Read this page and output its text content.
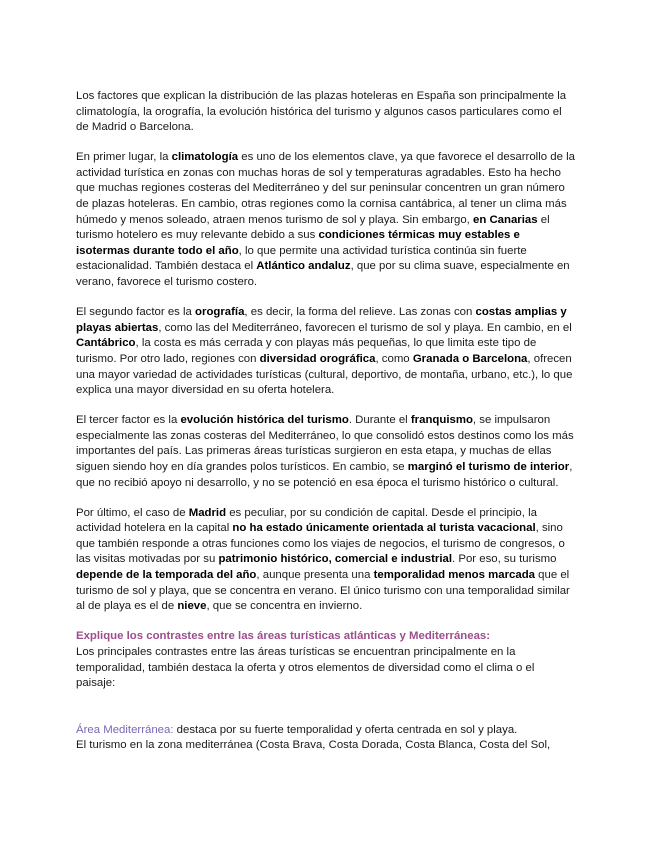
Los factores que explican la distribución de las plazas hoteleras en España son principalmente la climatología, la orografía, la evolución histórica del turismo y algunos casos particulares como el de Madrid o Barcelona.

En primer lugar, la climatología es uno de los elementos clave, ya que favorece el desarrollo de la actividad turística en zonas con muchas horas de sol y temperaturas agradables. Esto ha hecho que muchas regiones costeras del Mediterráneo y del sur peninsular concentren un gran número de plazas hoteleras. En cambio, otras regiones como la cornisa cantábrica, al tener un clima más húmedo y menos soleado, atraen menos turismo de sol y playa. Sin embargo, en Canarias el turismo hotelero es muy relevante debido a sus condiciones térmicas muy estables e isotermas durante todo el año, lo que permite una actividad turística continúa sin fuerte estacionalidad. También destaca el Atlántico andaluz, que por su clima suave, especialmente en verano, favorece el turismo costero.

El segundo factor es la orografía, es decir, la forma del relieve. Las zonas con costas amplias y playas abiertas, como las del Mediterráneo, favorecen el turismo de sol y playa. En cambio, en el Cantábrico, la costa es más cerrada y con playas más pequeñas, lo que limita este tipo de turismo. Por otro lado, regiones con diversidad orográfica, como Granada o Barcelona, ofrecen una mayor variedad de actividades turísticas (cultural, deportivo, de montaña, urbano, etc.), lo que explica una mayor diversidad en su oferta hotelera.

El tercer factor es la evolución histórica del turismo. Durante el franquismo, se impulsaron especialmente las zonas costeras del Mediterráneo, lo que consolidó estos destinos como los más importantes del país. Las primeras áreas turísticas surgieron en esta etapa, y muchas de ellas siguen siendo hoy en día grandes polos turísticos. En cambio, se marginó el turismo de interior, que no recibió apoyo ni desarrollo, y no se potenció en esa época el turismo histórico o cultural.

Por último, el caso de Madrid es peculiar, por su condición de capital. Desde el principio, la actividad hotelera en la capital no ha estado únicamente orientada al turista vacacional, sino que también responde a otras funciones como los viajes de negocios, el turismo de congresos, o las visitas motivadas por su patrimonio histórico, comercial e industrial. Por eso, su turismo depende de la temporada del año, aunque presenta una temporalidad menos marcada que el turismo de sol y playa, que se concentra en verano. El único turismo con una temporalidad similar al de playa es el de nieve, que se concentra en invierno.

Explique los contrastes entre las áreas turísticas atlánticas y Mediterráneas:

Los principales contrastes entre las áreas turísticas se encuentran principalmente en la temporalidad, también destaca la oferta y otros elementos de diversidad como el clima o el paisaje:

Área Mediterránea: destaca por su fuerte temporalidad y oferta centrada en sol y playa.
El turismo en la zona mediterránea (Costa Brava, Costa Dorada, Costa Blanca, Costa del Sol,
